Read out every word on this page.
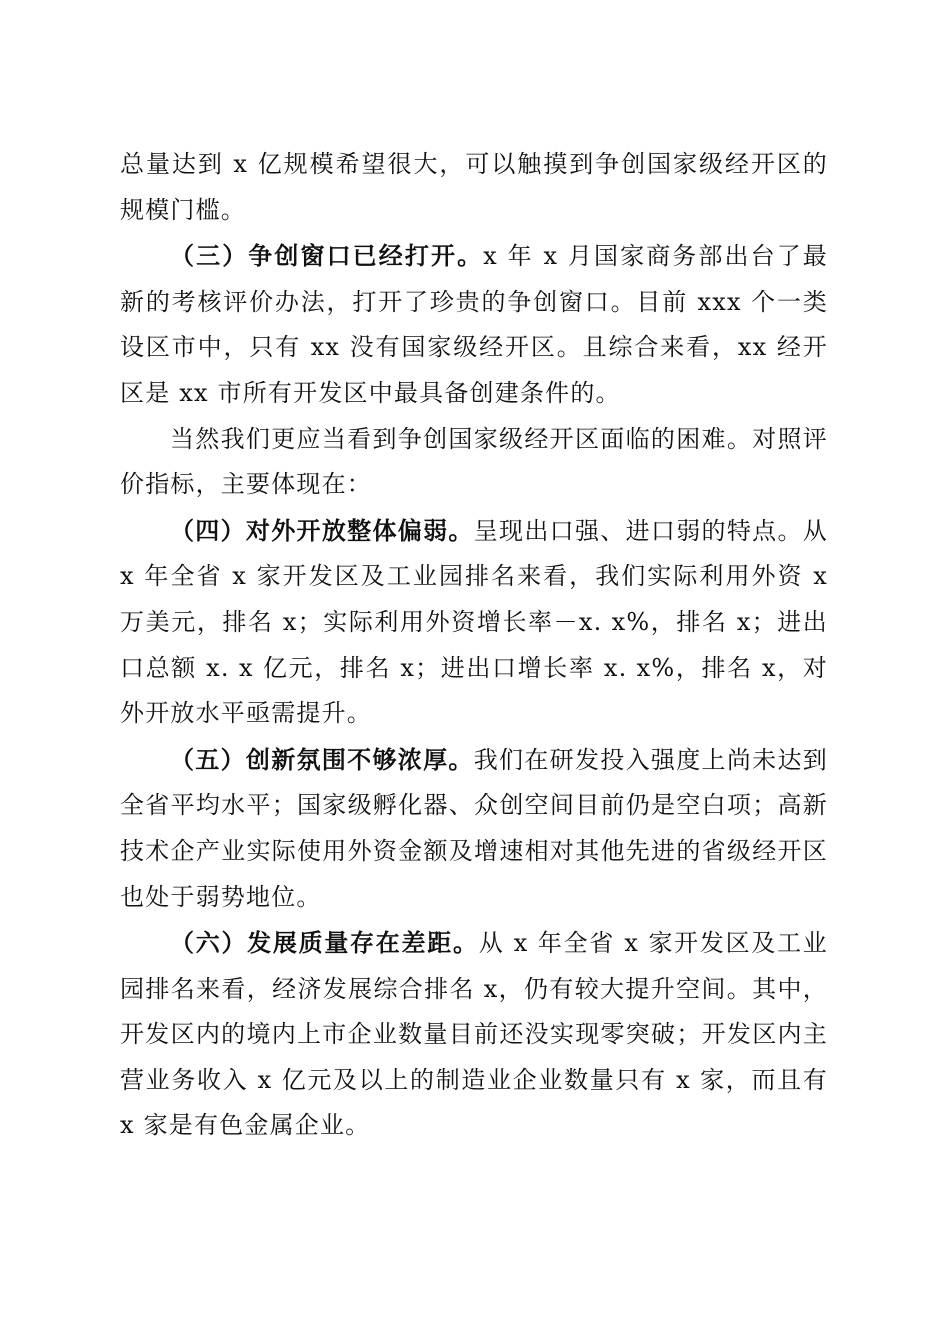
总量达到 x 亿规模希望很大，可以触摸到争创国家级经开区的规模门槛。

（三）争创窗口已经打开。x 年 x 月国家商务部出台了最新的考核评价办法，打开了珍贵的争创窗口。目前 xxx 个一类设区市中，只有 xx 没有国家级经开区。且综合来看，xx 经开区是 xx 市所有开发区中最具备创建条件的。

当然我们更应当看到争创国家级经开区面临的困难。对照评价指标，主要体现在：

（四）对外开放整体偏弱。呈现出口强、进口弱的特点。从 x 年全省 x 家开发区及工业园排名来看，我们实际利用外资 x 万美元，排名 x；实际利用外资增长率－x. x%，排名 x；进出口总额 x. x 亿元，排名 x；进出口增长率 x. x%，排名 x，对外开放水平亟需提升。

（五）创新氛围不够浓厚。我们在研发投入强度上尚未达到全省平均水平；国家级孵化器、众创空间目前仍是空白项；高新技术企产业实际使用外资金额及增速相对其他先进的省级经开区也处于弱势地位。

（六）发展质量存在差距。从 x 年全省 x 家开发区及工业园排名来看，经济发展综合排名 x，仍有较大提升空间。其中，开发区内的境内上市企业数量目前还没实现零突破；开发区内主营业务收入 x 亿元及以上的制造业企业数量只有 x 家，而且有 x 家是有色金属企业。
